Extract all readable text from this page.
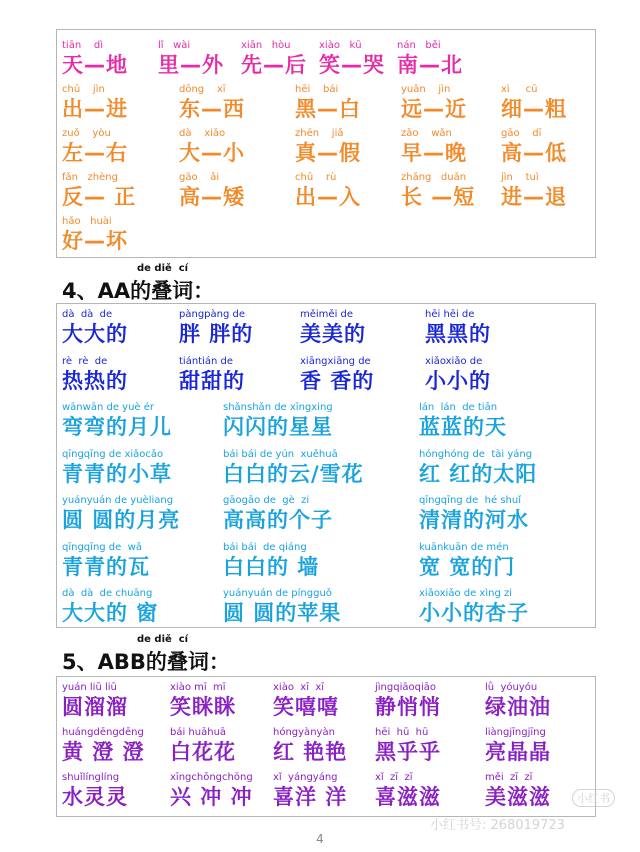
tiān    dì
天—地
lǐ   wài
里—外
xiān   hòu
先—后
xiào   kū
笑—哭
nán   běi
南—北
chū    jìn
出—进
dōng    xī
东—西
hēi    bái
黑—白
yuǎn    jìn
远—近
xì     cū
细—粗
zuǒ    yòu
左—右
dà    xiǎo
大—小
zhēn    jiǎ
真—假
zǎo    wǎn
早—晚
gāo    dī
高—低
fǎn   zhèng
反— 正
gāo    ǎi
高—矮
chū    rù
出—入
zhǎng   duǎn
长 —短
jìn    tuì
进—退
hǎo   huài
好—坏
de diě  cí
4、AA的叠词：
dà  dà  de
大大的
pàngpàng de
胖 胖的
měiměi de
美美的
hēi hēi de
黑黑的
rè  rè  de
热热的
tiántián de
甜甜的
xiāngxiāng de
香 香的
xiǎoxiǎo de
小小的
wānwān de yuè ér
弯弯的月儿
shǎnshǎn de xīngxing
闪闪的星星
lán  lán  de tiān
蓝蓝的天
qīngqīng de xiǎocǎo
青青的小草
bái bái de yún  xuěhuā
白白的云/雪花
hónghóng de  tài yáng
红 红的太阳
yuányuán de yuèliang
圆 圆的月亮
gāogāo de  gè  zi
高高的个子
qīngqīng de  hé shuǐ
清清的河水
qīngqīng de  wǎ
青青的瓦
bái bái  de qiáng
白白的 墙
kuānkuān de mén
宽 宽的门
dà  dà  de chuāng
大大的 窗
yuányuán de píngguǒ
圆 圆的苹果
xiǎoxiǎo de xìng zi
小小的杏子
de diě  cí
5、ABB的叠词：
yuán liū liū
圆溜溜
xiào mī  mī
笑眯眯
xiào  xī  xī
笑嘻嘻
jìngqiāoqiāo
静悄悄
lǜ  yóuyóu
绿油油
huángdēngdēng
黄 澄 澄
bái huāhuā
白花花
hóngyànyàn
红 艳艳
hēi  hū  hū
黑乎乎
liàngjīngjīng
亮晶晶
shuǐlínglíng
水灵灵
xīngchōngchōng
兴 冲 冲
xǐ  yángyáng
喜洋 洋
xǐ  zī  zī
喜滋滋
měi  zī  zī
美滋滋	小红书
小红书号: 268019723
4
